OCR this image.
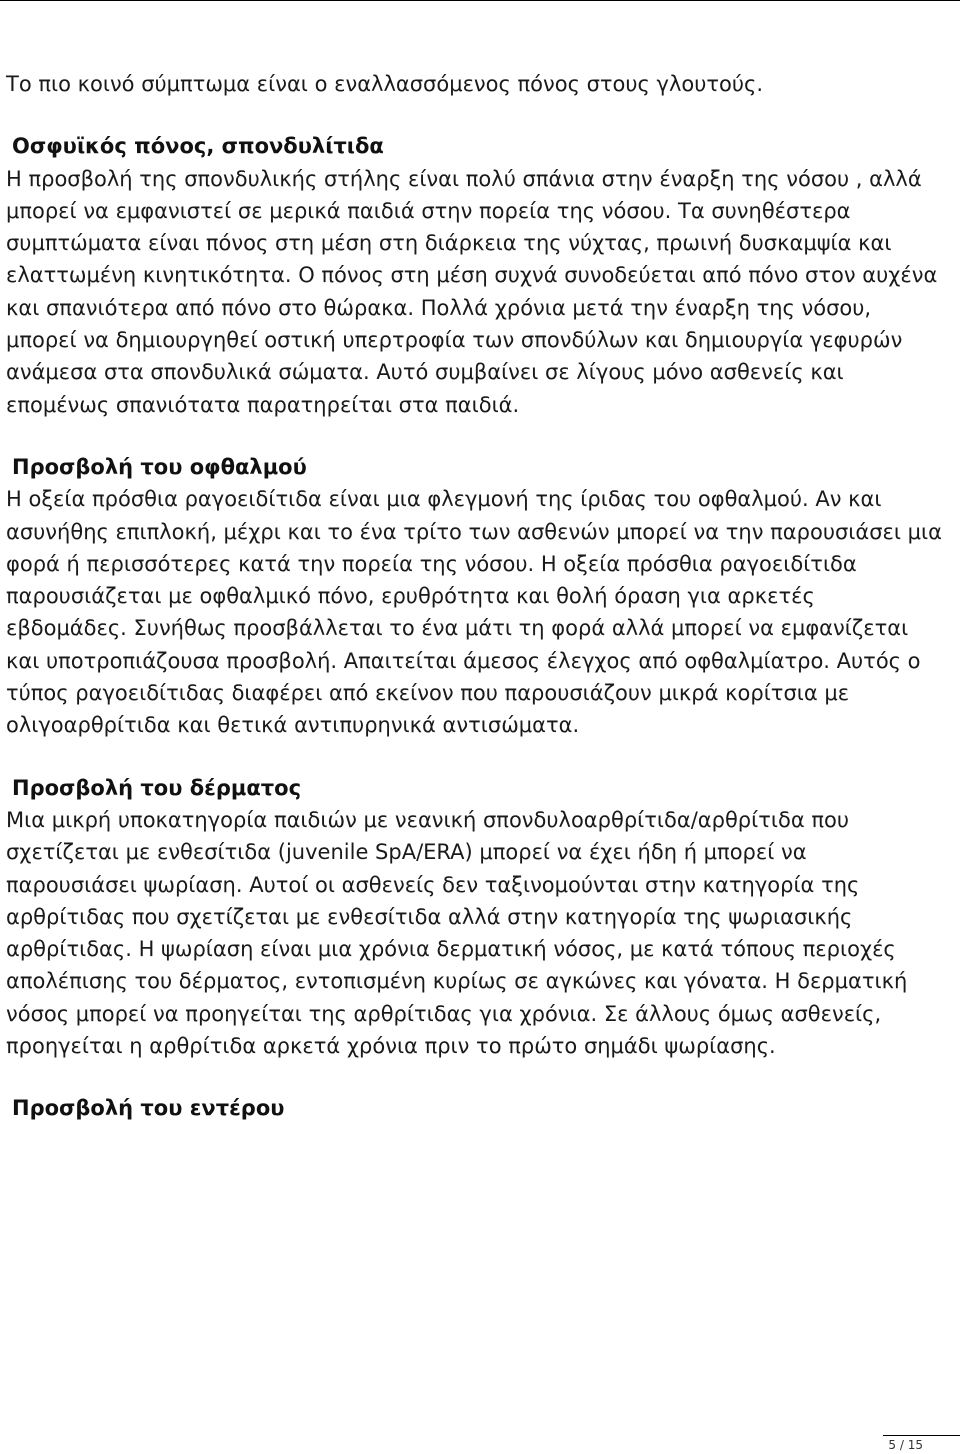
Το πιο κοινό σύμπτωμα είναι ο εναλλασσόμενος πόνος στους γλουτούς.

Οσφυϊκός πόνος, σπονδυλίτιδα

Η προσβολή της σπονδυλικής στήλης είναι πολύ σπάνια στην έναρξη της νόσου , αλλά μπορεί να εμφανιστεί σε μερικά παιδιά στην πορεία της νόσου. Τα συνηθέστερα συμπτώματα είναι πόνος στη μέση στη διάρκεια της νύχτας, πρωινή δυσκαμψία και ελαττωμένη κινητικότητα. Ο πόνος στη μέση συχνά συνοδεύεται από πόνο στον αυχένα και σπανιότερα από πόνο στο θώρακα. Πολλά χρόνια μετά την έναρξη της νόσου, μπορεί να δημιουργηθεί οστική υπερτροφία των σπονδύλων και δημιουργία γεφυρών ανάμεσα στα σπονδυλικά σώματα. Αυτό συμβαίνει σε λίγους μόνο ασθενείς και επομένως σπανιότατα παρατηρείται στα παιδιά.

Προσβολή του οφθαλμού

Η οξεία πρόσθια ραγοειδίτιδα είναι μια φλεγμονή της ίριδας του οφθαλμού. Αν και ασυνήθης επιπλοκή, μέχρι και το ένα τρίτο των ασθενών μπορεί να την παρουσιάσει μια φορά ή περισσότερες κατά την πορεία της νόσου. Η οξεία πρόσθια ραγοειδίτιδα παρουσιάζεται με οφθαλμικό πόνο, ερυθρότητα και θολή όραση για αρκετές εβδομάδες. Συνήθως προσβάλλεται το ένα μάτι τη φορά αλλά μπορεί να εμφανίζεται και υποτροπιάζουσα προσβολή. Απαιτείται άμεσος έλεγχος από οφθαλμίατρο. Αυτός ο τύπος ραγοειδίτιδας διαφέρει από εκείνον που παρουσιάζουν μικρά κορίτσια με ολιγοαρθρίτιδα και θετικά αντιπυρηνικά αντισώματα.

Προσβολή του δέρματος

Μια μικρή υποκατηγορία παιδιών με νεανική σπονδυλοαρθρίτιδα/αρθρίτιδα που σχετίζεται με ενθεσίτιδα (juvenile SpA/ERA) μπορεί να έχει ήδη ή μπορεί να παρουσιάσει ψωρίαση. Αυτοί οι ασθενείς δεν ταξινομούνται στην κατηγορία της αρθρίτιδας που σχετίζεται με ενθεσίτιδα αλλά στην κατηγορία της ψωριασικής αρθρίτιδας. Η ψωρίαση είναι μια χρόνια δερματική νόσος, με κατά τόπους περιοχές απολέπισης του δέρματος, εντοπισμένη κυρίως σε αγκώνες και γόνατα. Η δερματική νόσος μπορεί να προηγείται της αρθρίτιδας για χρόνια. Σε άλλους όμως ασθενείς, προηγείται η αρθρίτιδα αρκετά χρόνια πριν το πρώτο σημάδι ψωρίασης.

Προσβολή του εντέρου

5 / 15
